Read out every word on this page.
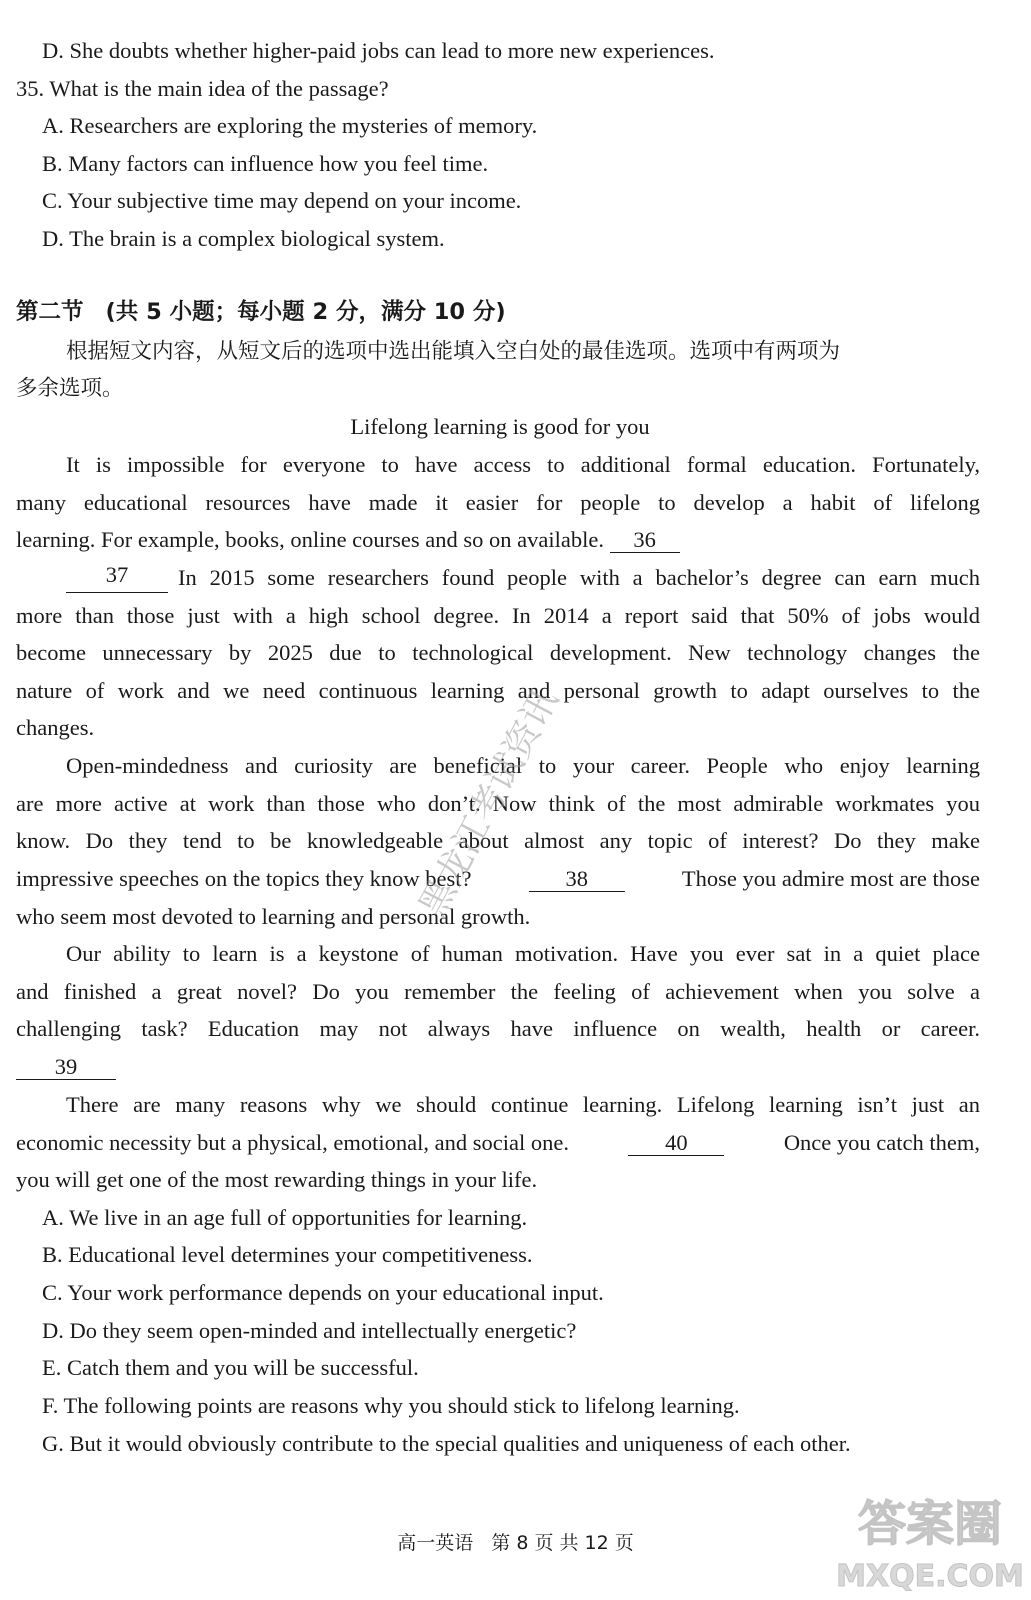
D. She doubts whether higher-paid jobs can lead to more new experiences.
35. What is the main idea of the passage?
A. Researchers are exploring the mysteries of memory.
B. Many factors can influence how you feel time.
C. Your subjective time may depend on your income.
D. The brain is a complex biological system.
第二节 (共 5 小题；每小题 2 分，满分 10 分)
根据短文内容，从短文后的选项中选出能填入空白处的最佳选项。选项中有两项为
多余选项。
Lifelong learning is good for you
It is impossible for everyone to have access to additional formal education. Fortunately,
many educational resources have made it easier for people to develop a habit of lifelong
learning. For example, books, online courses and so on available. 36
37	In 2015 some researchers found people with a bachelor’s degree can earn much
more than those just with a high school degree. In 2014 a report said that 50% of jobs would
become unnecessary by 2025 due to technological development. New technology changes the
nature of work and we need continuous learning and personal growth to adapt ourselves to the
changes.
Open-mindedness and curiosity are beneficial to your career. People who enjoy learning
are more active at work than those who don’t. Now think of the most admirable workmates you
know. Do they tend to be knowledgeable about almost any topic of interest? Do they make
impressive speeches on the topics they know best?	38	Those you admire most are those
who seem most devoted to learning and personal growth.
Our ability to learn is a keystone of human motivation. Have you ever sat in a quiet place
and finished a great novel? Do you remember the feeling of achievement when you solve a
challenging task? Education may not always have influence on wealth, health or career.
39
There are many reasons why we should continue learning. Lifelong learning isn’t just an
economic necessity but a physical, emotional, and social one.	40	Once you catch them,
you will get one of the most rewarding things in your life.
A. We live in an age full of opportunities for learning.
B. Educational level determines your competitiveness.
C. Your work performance depends on your educational input.
D. Do they seem open-minded and intellectually energetic?
E. Catch them and you will be successful.
F. The following points are reasons why you should stick to lifelong learning.
G. But it would obviously contribute to the special qualities and uniqueness of each other.
黑龙江考试资讯
答案圈
MXQE.COM
高一英语 第 8 页 共 12 页
